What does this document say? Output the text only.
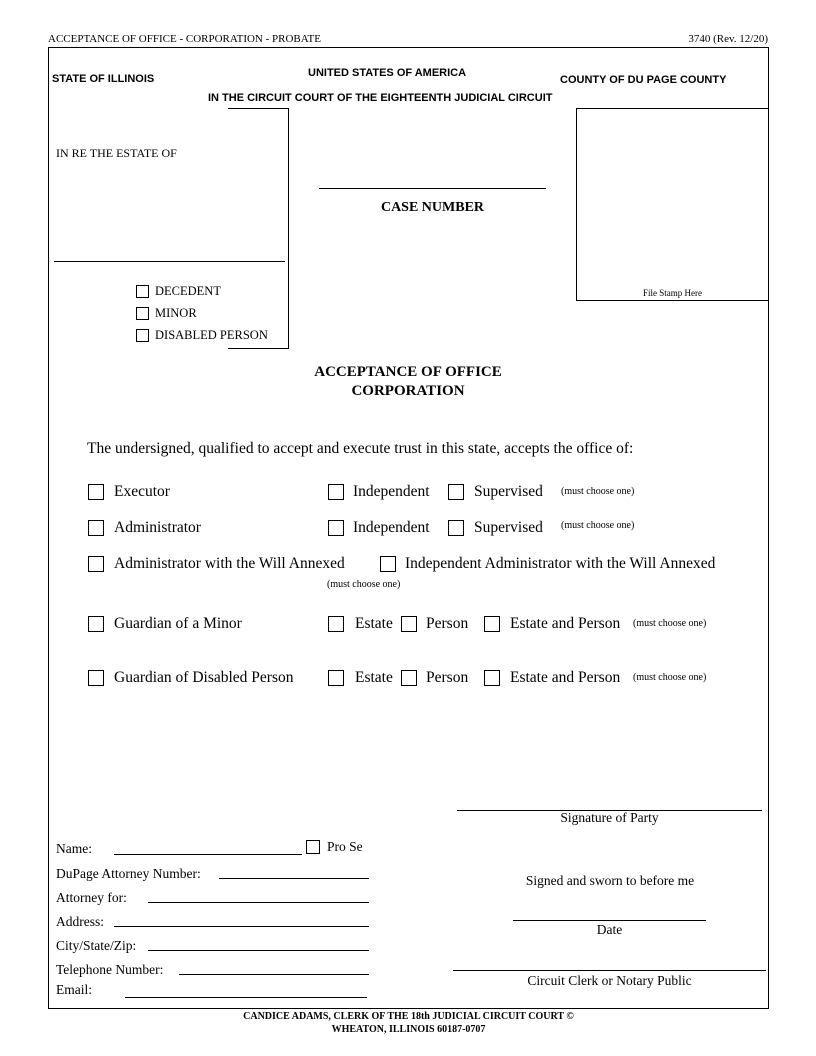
ACCEPTANCE OF OFFICE - CORPORATION - PROBATE	3740 (Rev. 12/20)
STATE OF ILLINOIS	UNITED STATES OF AMERICA
COUNTY OF DU PAGE COUNTY
IN THE CIRCUIT COURT OF THE EIGHTEENTH JUDICIAL CIRCUIT
IN RE THE ESTATE OF
DECEDENT
MINOR
DISABLED PERSON
CASE NUMBER
File Stamp Here
ACCEPTANCE OF OFFICE
CORPORATION
The undersigned, qualified to accept and execute trust in this state, accepts the office of:
Executor	Independent	Supervised (must choose one)
Administrator	Independent	Supervised (must choose one)
Administrator with the Will Annexed	Independent Administrator with the Will Annexed
(must choose one)
Guardian of a Minor	Estate Person	Estate and Person (must choose one)
Guardian of Disabled Person	Estate Person	Estate and Person (must choose one)
Signature of Party
Name:	Pro Se
DuPage Attorney Number:
Attorney for:
Address:
City/State/Zip:
Telephone Number:
Email:
Signed and sworn to before me
Date
Circuit Clerk or Notary Public
CANDICE ADAMS, CLERK OF THE 18th JUDICIAL CIRCUIT COURT ©
WHEATON, ILLINOIS 60187-0707
